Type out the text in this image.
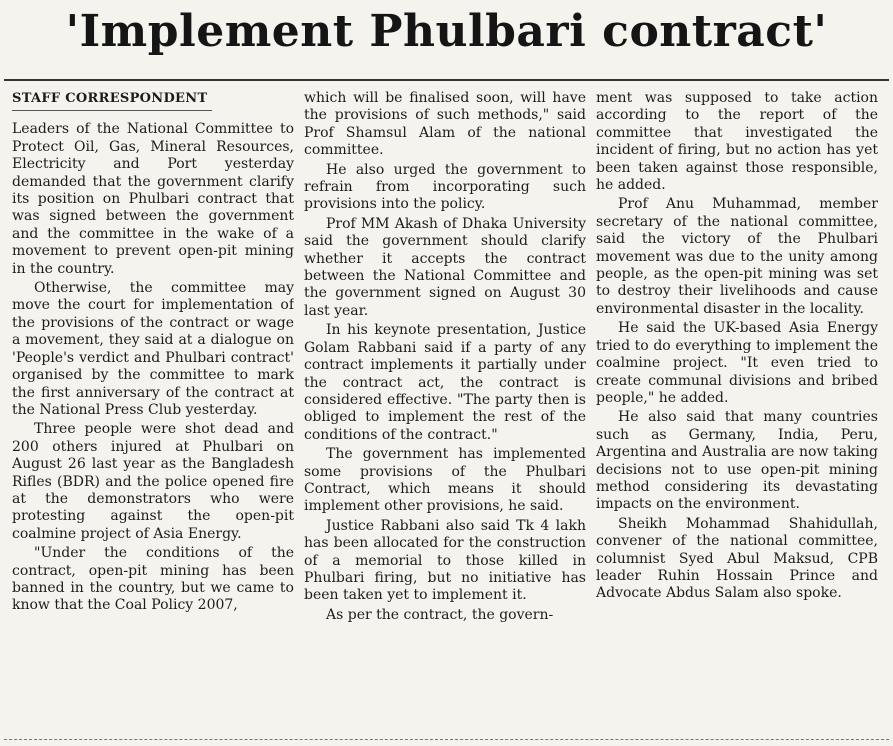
'Implement Phulbari contract'
STAFF CORRESPONDENT

Leaders of the National Committee to Protect Oil, Gas, Mineral Resources, Electricity and Port yesterday demanded that the government clarify its position on Phulbari contract that was signed between the government and the committee in the wake of a movement to prevent open-pit mining in the country.

Otherwise, the committee may move the court for implementation of the provisions of the contract or wage a movement, they said at a dialogue on 'People's verdict and Phulbari contract' organised by the committee to mark the first anniversary of the contract at the National Press Club yesterday.

Three people were shot dead and 200 others injured at Phulbari on August 26 last year as the Bangladesh Rifles (BDR) and the police opened fire at the demonstrators who were protesting against the open-pit coalmine project of Asia Energy.

"Under the conditions of the contract, open-pit mining has been banned in the country, but we came to know that the Coal Policy 2007,

which will be finalised soon, will have the provisions of such methods," said Prof Shamsul Alam of the national committee.

He also urged the government to refrain from incorporating such provisions into the policy.

Prof MM Akash of Dhaka University said the government should clarify whether it accepts the contract between the National Committee and the government signed on August 30 last year.

In his keynote presentation, Justice Golam Rabbani said if a party of any contract implements it partially under the contract act, the contract is considered effective. "The party then is obliged to implement the rest of the conditions of the contract."

The government has implemented some provisions of the Phulbari Contract, which means it should implement other provisions, he said.

Justice Rabbani also said Tk 4 lakh has been allocated for the construction of a memorial to those killed in Phulbari firing, but no initiative has been taken yet to implement it.

As per the contract, the govern-

ment was supposed to take action according to the report of the committee that investigated the incident of firing, but no action has yet been taken against those responsible, he added.

Prof Anu Muhammad, member secretary of the national committee, said the victory of the Phulbari movement was due to the unity among people, as the open-pit mining was set to destroy their livelihoods and cause environmental disaster in the locality.

He said the UK-based Asia Energy tried to do everything to implement the coalmine project. "It even tried to create communal divisions and bribed people," he added.

He also said that many countries such as Germany, India, Peru, Argentina and Australia are now taking decisions not to use open-pit mining method considering its devastating impacts on the environment.

Sheikh Mohammad Shahidullah, convener of the national committee, columnist Syed Abul Maksud, CPB leader Ruhin Hossain Prince and Advocate Abdus Salam also spoke.
